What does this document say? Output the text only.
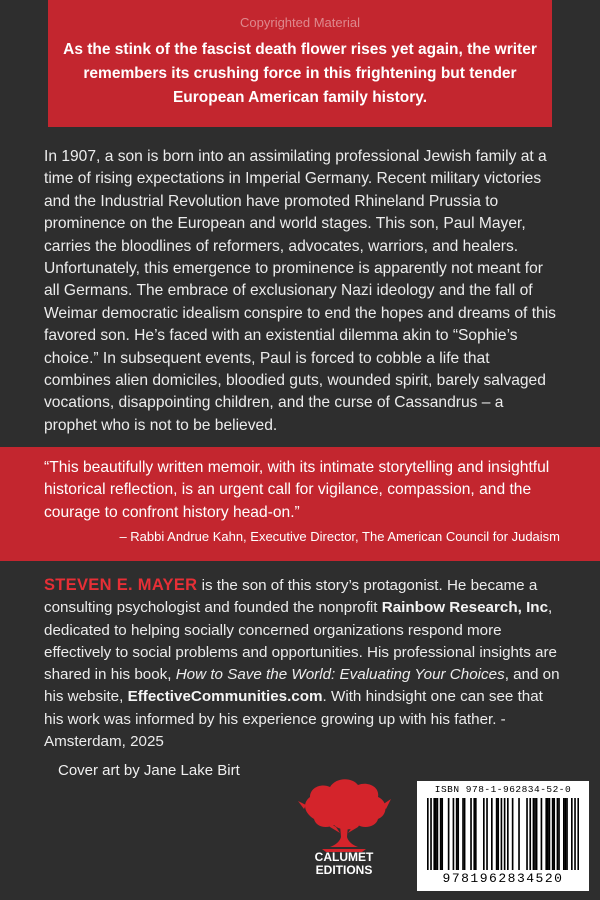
Copyrighted Material
As the stink of the fascist death flower rises yet again, the writer remembers its crushing force in this frightening but tender European American family history.

In 1907, a son is born into an assimilating professional Jewish family at a time of rising expectations in Imperial Germany. Recent military victories and the Industrial Revolution have promoted Rhineland Prussia to prominence on the European and world stages. This son, Paul Mayer, carries the bloodlines of reformers, advocates, warriors, and healers. Unfortunately, this emergence to prominence is apparently not meant for all Germans. The embrace of exclusionary Nazi ideology and the fall of Weimar democratic idealism conspire to end the hopes and dreams of this favored son. He’s faced with an existential dilemma akin to “Sophie’s choice.” In subsequent events, Paul is forced to cobble a life that combines alien domiciles, bloodied guts, wounded spirit, barely salvaged vocations, disappointing children, and the curse of Cassandrus – a prophet who is not to be believed.

“This beautifully written memoir, with its intimate storytelling and insightful historical reflection, is an urgent call for vigilance, compassion, and the courage to confront history head-on.”

– Rabbi Andrue Kahn, Executive Director, The American Council for Judaism

STEVEN E. MAYER is the son of this story’s protagonist. He became a consulting psychologist and founded the nonprofit Rainbow Research, Inc, dedicated to helping socially concerned organizations respond more effectively to social problems and opportunities. His professional insights are shared in his book, How to Save the World: Evaluating Your Choices, and on his website, EffectiveCommunities.com. With hindsight one can see that his work was informed by his experience growing up with his father. -Amsterdam, 2025

Cover art by Jane Lake Birt
CALUMET
EDITIONS
ISBN 978-1-962834-52-0
9781962834520
